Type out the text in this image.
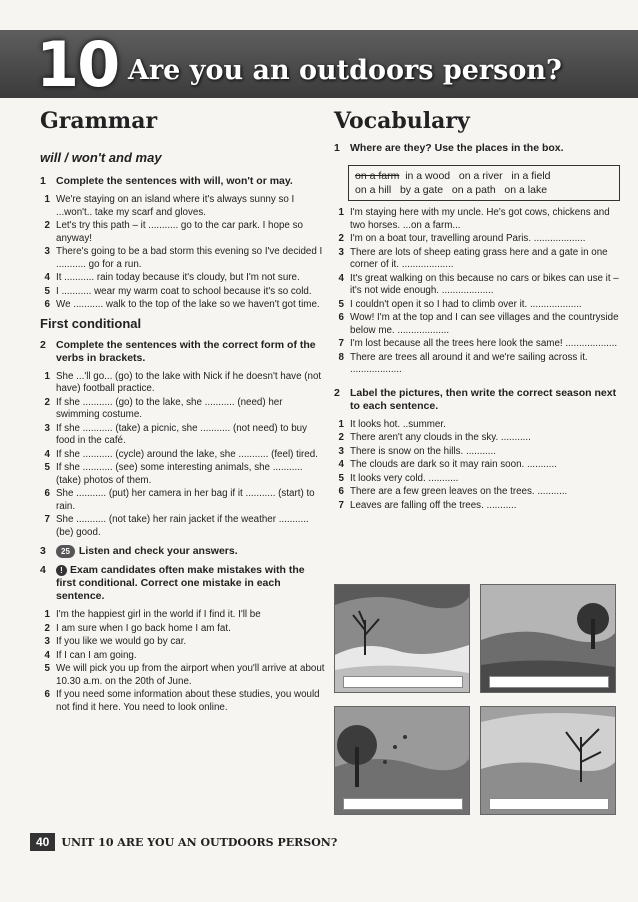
10 Are you an outdoors person?
Grammar
will / won't and may
1 Complete the sentences with will, won't or may.
1 We're staying on an island where it's always sunny so I ...won't.. take my scarf and gloves.
2 Let's try this path – it ........... go to the car park. I hope so anyway!
3 There's going to be a bad storm this evening so I've decided I ........... go for a run.
4 It ........... rain today because it's cloudy, but I'm not sure.
5 I ........... wear my warm coat to school because it's so cold.
6 We ........... walk to the top of the lake so we haven't got time.
First conditional
2 Complete the sentences with the correct form of the verbs in brackets.
1 She ...'ll go... (go) to the lake with Nick if he doesn't have (not have) football practice.
2 If she ........... (go) to the lake, she ........... (need) her swimming costume.
3 If she ........... (take) a picnic, she ........... (not need) to buy food in the café.
4 If she ........... (cycle) around the lake, she ........... (feel) tired.
5 If she ........... (see) some interesting animals, she ........... (take) photos of them.
6 She ........... (put) her camera in her bag if it ........... (start) to rain.
7 She ........... (not take) her rain jacket if the weather ........... (be) good.
3	25 Listen and check your answers.
4	! Exam candidates often make mistakes with the first conditional. Correct one mistake in each sentence.
1 I'm the happiest girl in the world if I find it. I'll be
2 I am sure when I go back home I am fat.
3 If you like we would go by car.
4 If I can I am going.
5 We will pick you up from the airport when you'll arrive at about 10.30 a.m. on the 20th of June.
6 If you need some information about these studies, you would not find it here. You need to look online.
Vocabulary
1 Where are they? Use the places in the box.
on a farm  in a wood   on a river   in a field
on a hill   by a gate   on a path   on a lake
1 I'm staying here with my uncle. He's got cows, chickens and two horses. ...on a farm...
2 I'm on a boat tour, travelling around Paris. ...................
3 There are lots of sheep eating grass here and a gate in one corner of it. ...................
4 It's great walking on this because no cars or bikes can use it – it's not wide enough. ...................
5 I couldn't open it so I had to climb over it. ...................
6 Wow! I'm at the top and I can see villages and the countryside below me. ...................
7 I'm lost because all the trees here look the same! ...................
8 There are trees all around it and we're sailing across it. ...................
2 Label the pictures, then write the correct season next to each sentence.
1 It looks hot. ..summer.
2 There aren't any clouds in the sky. ...........
3 There is snow on the hills. ...........
4 The clouds are dark so it may rain soon. ...........
5 It looks very cold. ...........
6 There are a few green leaves on the trees. ...........
7 Leaves are falling off the trees. ...........
40	UNIT 10 ARE YOU AN OUTDOORS PERSON?
